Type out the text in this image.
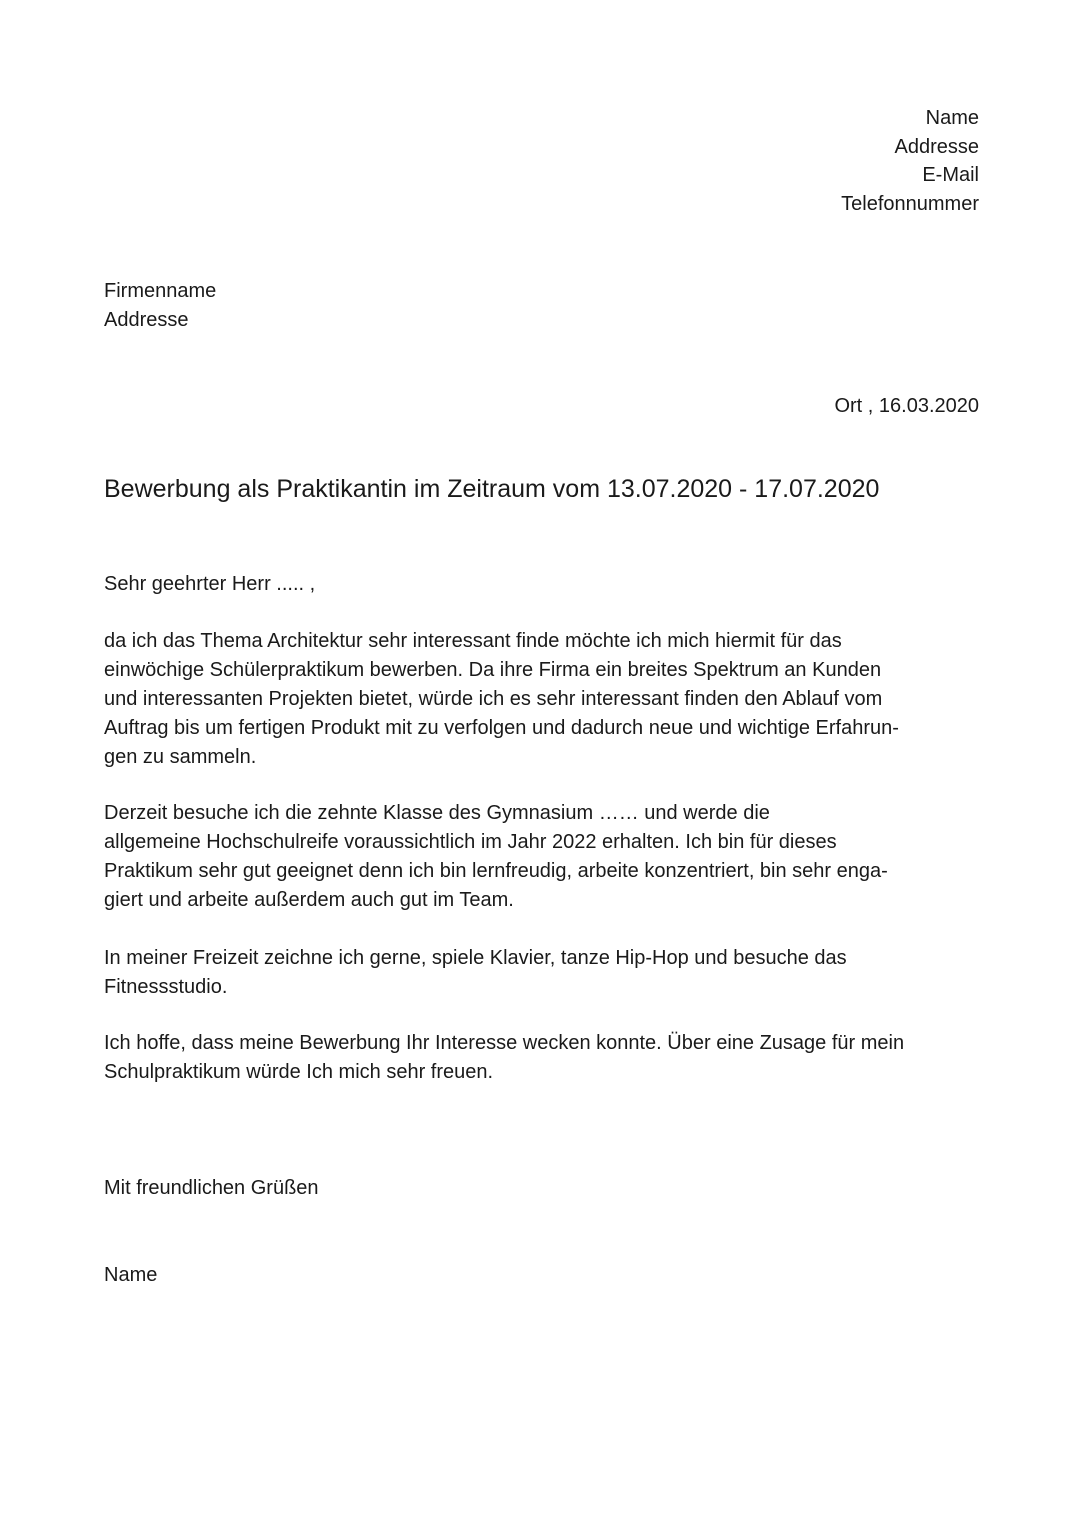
Name
Addresse
E-Mail
Telefonnummer
Firmenname
Addresse
Ort , 16.03.2020
Bewerbung als Praktikantin im Zeitraum vom 13.07.2020 - 17.07.2020
Sehr geehrter Herr ..... ,
da ich das Thema Architektur sehr interessant finde möchte ich mich hiermit für das
einwöchige Schülerpraktikum bewerben. Da ihre Firma ein breites Spektrum an Kunden
und interessanten Projekten bietet, würde ich es sehr interessant finden den Ablauf vom
Auftrag bis um fertigen Produkt mit zu verfolgen und dadurch neue und wichtige Erfahrun-
gen zu sammeln.
Derzeit besuche ich die zehnte Klasse des Gymnasium …… und werde die
allgemeine Hochschulreife voraussichtlich im Jahr 2022 erhalten. Ich bin für dieses
Praktikum sehr gut geeignet denn ich bin lernfreudig, arbeite konzentriert, bin sehr enga-
giert und arbeite außerdem auch gut im Team.
In meiner Freizeit zeichne ich gerne, spiele Klavier, tanze Hip-Hop und besuche das
Fitnessstudio.
Ich hoffe, dass meine Bewerbung Ihr Interesse wecken konnte. Über eine Zusage für mein
Schulpraktikum würde Ich mich sehr freuen.
Mit freundlichen Grüßen
Name
